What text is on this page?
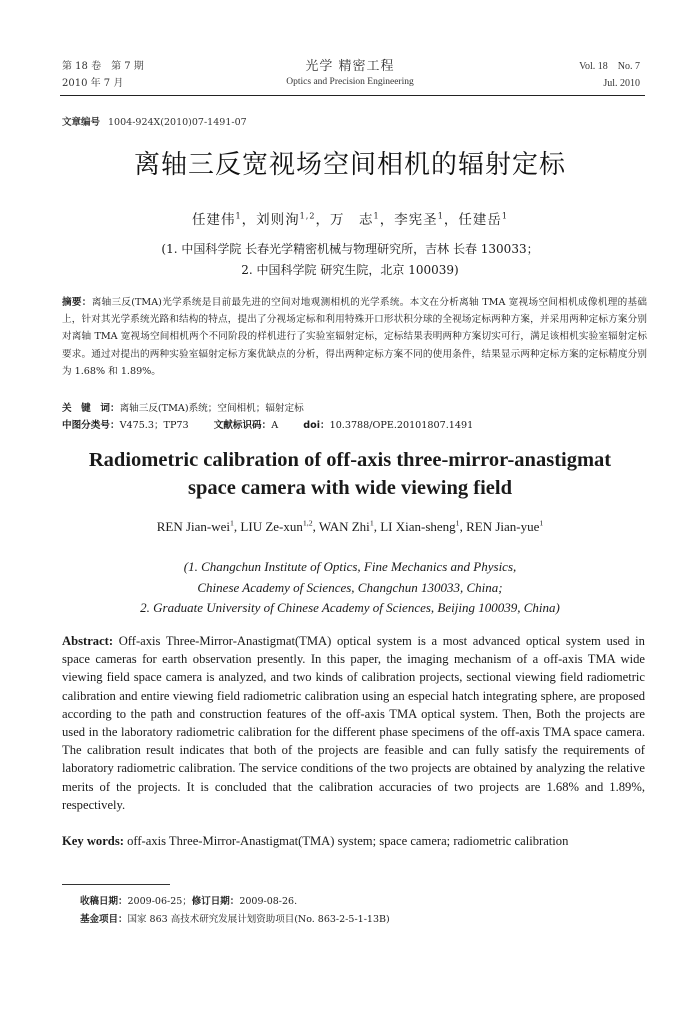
第 18 卷　第 7 期
2010 年 7 月
光学 精密工程
Optics and Precision Engineering
Vol. 18　No. 7
Jul. 2010
文章编号 1004-924X(2010)07-1491-07
离轴三反宽视场空间相机的辐射定标
任建伟$^1$，刘则洵$^{1,2}$，万　志$^1$，李宪圣$^1$，任建岳$^1$
(1. 中国科学院 长春光学精密机械与物理研究所，吉林 长春 130033；
2. 中国科学院 研究生院，北京 100039)
摘要：离轴三反(TMA)光学系统是目前最先进的空间对地观测相机的光学系统。本文在分析离轴 TMA 宽视场空间相机成像机理的基础上，针对其光学系统光路和结构的特点，提出了分视场定标和利用特殊开口形状积分球的全视场定标两种方案，并采用两种定标方案分别对离轴 TMA 宽视场空间相机两个不同阶段的样机进行了实验室辐射定标，定标结果表明两种方案切实可行，满足该相机实验室辐射定标要求。通过对提出的两种实验室辐射定标方案优缺点的分析，得出两种定标方案不同的使用条件，结果显示两种定标方案的定标精度分别为 1.68% 和 1.89%。
关　键　词：离轴三反(TMA)系统；空间相机；辐射定标
中图分类号：V475.3；TP73	文献标识码：A	doi：10.3788/OPE.20101807.1491
Radiometric calibration of off-axis three-mirror-anastigmat
space camera with wide viewing field
REN Jian-wei$^1$, LIU Ze-xun$^{1,2}$, WAN Zhi$^1$, LI Xian-sheng$^1$, REN Jian-yue$^1$
(1. Changchun Institute of Optics, Fine Mechanics and Physics,
Chinese Academy of Sciences, Changchun 130033, China;
2. Graduate University of Chinese Academy of Sciences, Beijing 100039, China)
Abstract: Off-axis Three-Mirror-Anastigmat(TMA) optical system is a most advanced optical system used in space cameras for earth observation presently. In this paper, the imaging mechanism of a off-axis TMA wide viewing field space camera is analyzed, and two kinds of calibration projects, sectional viewing field radiometric calibration and entire viewing field radiometric calibration using an especial hatch integrating sphere, are proposed according to the path and construction features of the off-axis TMA optical system. Then, Both the projects are used in the laboratory radiometric calibration for the different phase specimens of the off-axis TMA space camera. The calibration result indicates that both of the projects are feasible and can fully satisfy the requirements of laboratory radiometric calibration. The service conditions of the two projects are obtained by analyzing the relative merits of the projects. It is concluded that the calibration accuracies of two projects are 1.68% and 1.89%, respectively.
Key words: off-axis Three-Mirror-Anastigmat(TMA) system; space camera; radiometric calibration
收稿日期：2009-06-25；修订日期：2009-08-26.
基金项目：国家 863 高技术研究发展计划资助项目(No. 863-2-5-1-13B)
